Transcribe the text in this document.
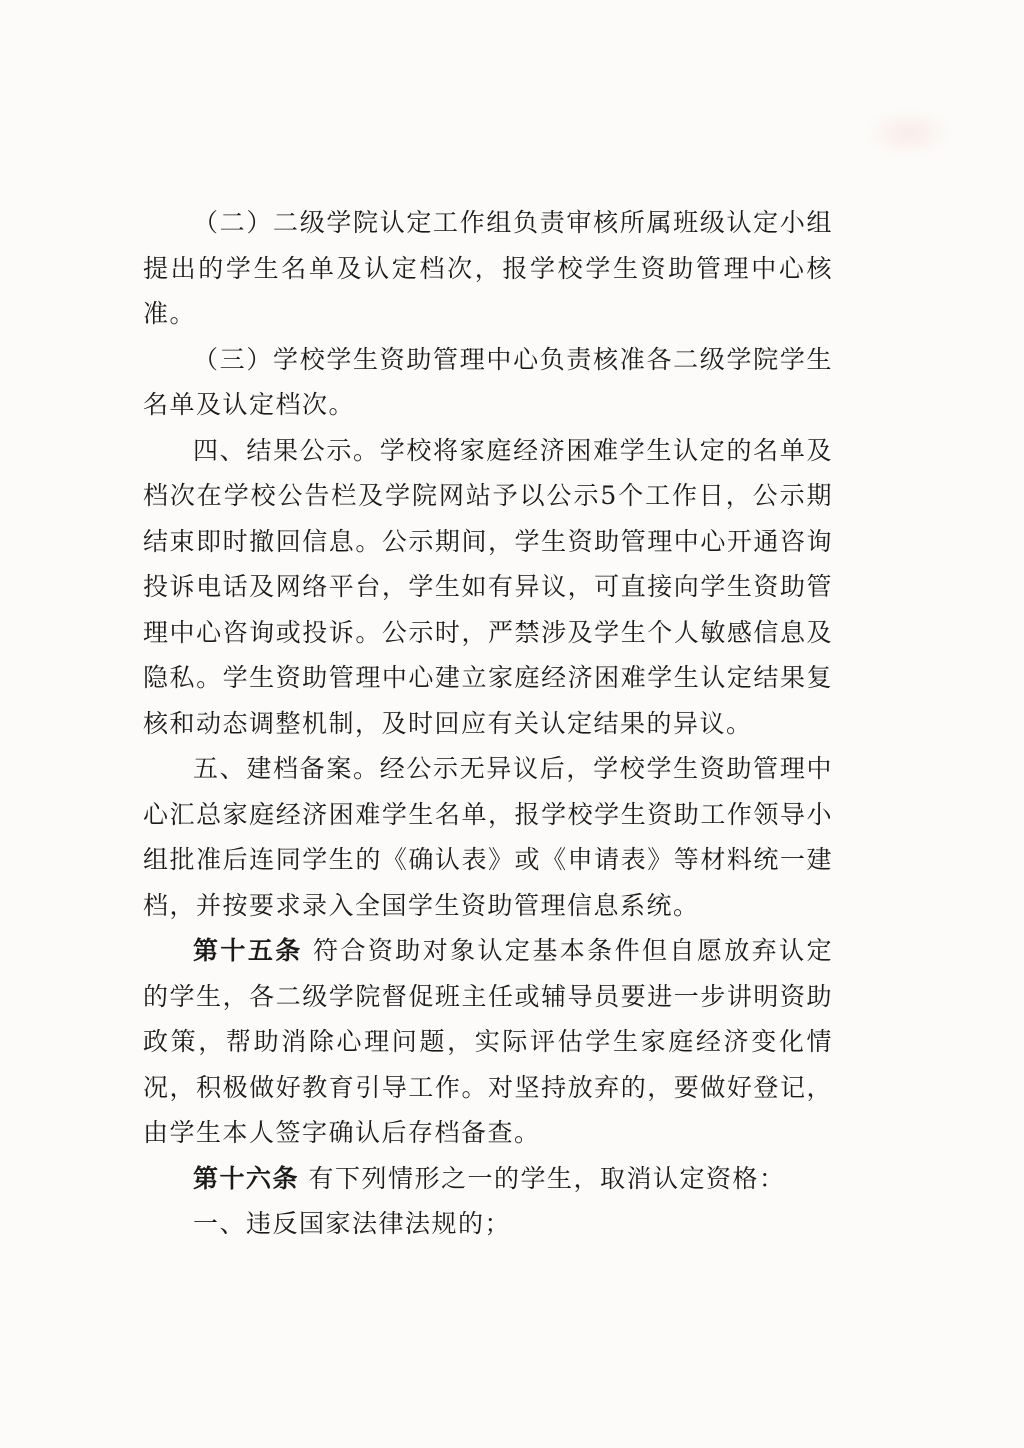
（二）二级学院认定工作组负责审核所属班级认定小组提出的学生名单及认定档次，报学校学生资助管理中心核准。

（三）学校学生资助管理中心负责核准各二级学院学生名单及认定档次。

四、结果公示。学校将家庭经济困难学生认定的名单及档次在学校公告栏及学院网站予以公示5个工作日，公示期结束即时撤回信息。公示期间，学生资助管理中心开通咨询投诉电话及网络平台，学生如有异议，可直接向学生资助管理中心咨询或投诉。公示时，严禁涉及学生个人敏感信息及隐私。学生资助管理中心建立家庭经济困难学生认定结果复核和动态调整机制，及时回应有关认定结果的异议。

五、建档备案。经公示无异议后，学校学生资助管理中心汇总家庭经济困难学生名单，报学校学生资助工作领导小组批准后连同学生的《确认表》或《申请表》等材料统一建档，并按要求录入全国学生资助管理信息系统。

第十五条 符合资助对象认定基本条件但自愿放弃认定的学生，各二级学院督促班主任或辅导员要进一步讲明资助政策，帮助消除心理问题，实际评估学生家庭经济变化情况，积极做好教育引导工作。对坚持放弃的，要做好登记，由学生本人签字确认后存档备查。

第十六条 有下列情形之一的学生，取消认定资格：

一、违反国家法律法规的；
